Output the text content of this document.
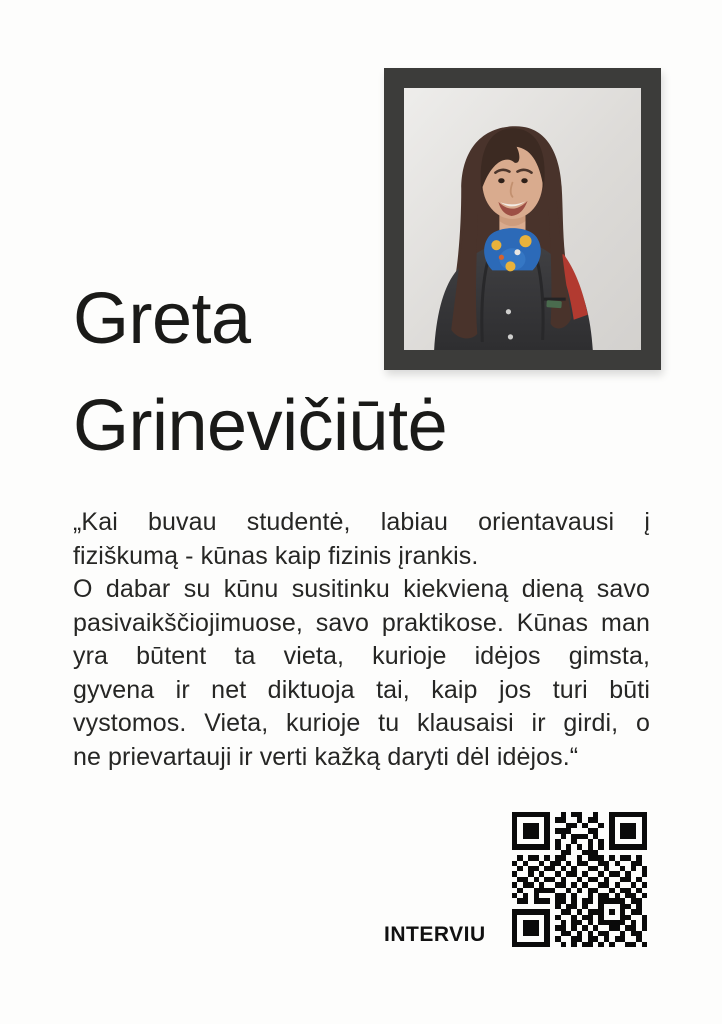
Greta
Grinevičiūtė
„Kai buvau studentė, labiau orientavausi į
fiziškumą - kūnas kaip fizinis įrankis.
O dabar su kūnu susitinku kiekvieną dieną savo
pasivaikščiojimuose, savo praktikose. Kūnas man
yra būtent ta vieta, kurioje idėjos gimsta,
gyvena ir net diktuoja tai, kaip jos turi būti
vystomos. Vieta, kurioje tu klausaisi ir girdi, o
ne prievartauji ir verti kažką daryti dėl idėjos.“
INTERVIU
